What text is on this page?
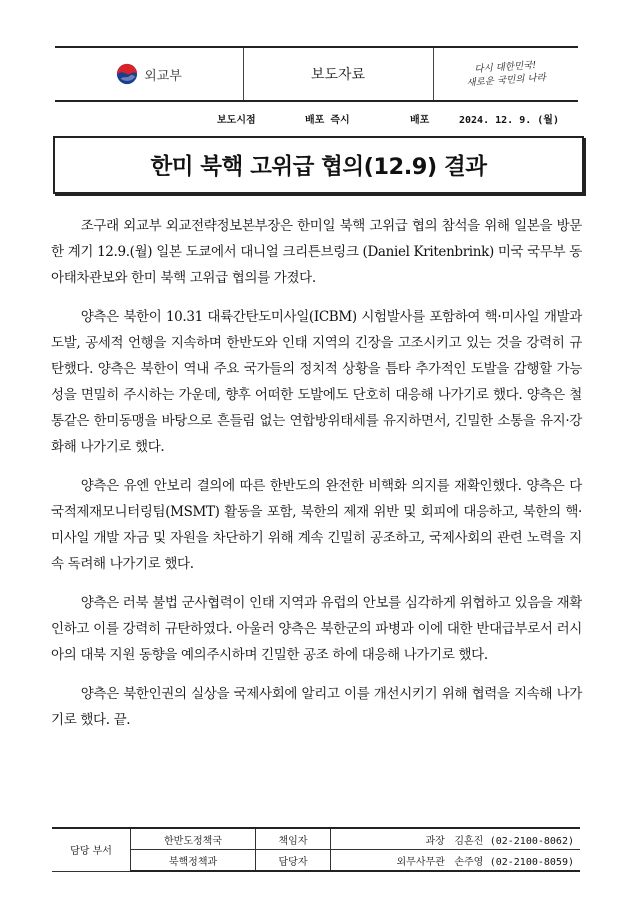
외교부	보도자료	다시 대한민국!
새로운 국민의 나라
보도시점	배포 즉시	배포	2024. 12. 9. (월)
한미 북핵 고위급 협의(12.9) 결과

조구래 외교부 외교전략정보본부장은 한미일 북핵 고위급 협의 참석을 위해 일본을 방문한 계기 12.9.(월) 일본 도쿄에서 대니얼 크리튼브링크 (Daniel Kritenbrink) 미국 국무부 동아태차관보와 한미 북핵 고위급 협의를 가졌다.

양측은 북한이 10.31 대륙간탄도미사일(ICBM) 시험발사를 포함하여 핵·미사일 개발과 도발, 공세적 언행을 지속하며 한반도와 인태 지역의 긴장을 고조시키고 있는 것을 강력히 규탄했다. 양측은 북한이 역내 주요 국가들의 정치적 상황을 틈타 추가적인 도발을 감행할 가능성을 면밀히 주시하는 가운데, 향후 어떠한 도발에도 단호히 대응해 나가기로 했다. 양측은 철통같은 한미동맹을 바탕으로 흔들림 없는 연합방위태세를 유지하면서, 긴밀한 소통을 유지·강화해 나가기로 했다.

양측은 유엔 안보리 결의에 따른 한반도의 완전한 비핵화 의지를 재확인했다. 양측은 다국적제재모니터링팀(MSMT) 활동을 포함, 북한의 제재 위반 및 회피에 대응하고, 북한의 핵·미사일 개발 자금 및 자원을 차단하기 위해 계속 긴밀히 공조하고, 국제사회의 관련 노력을 지속 독려해 나가기로 했다.

양측은 러북 불법 군사협력이 인태 지역과 유럽의 안보를 심각하게 위협하고 있음을 재확인하고 이를 강력히 규탄하였다. 아울러 양측은 북한군의 파병과 이에 대한 반대급부로서 러시아의 대북 지원 동향을 예의주시하며 긴밀한 공조 하에 대응해 나가기로 했다.

양측은 북한인권의 실상을 국제사회에 알리고 이를 개선시키기 위해 협력을 지속해 나가기로 했다. 끝.

담당 부서	한반도정책국	책임자	과장 김흔진 (02-2100-8062)
	북핵정책과	담당자	외무사무관 손주영 (02-2100-8059)
